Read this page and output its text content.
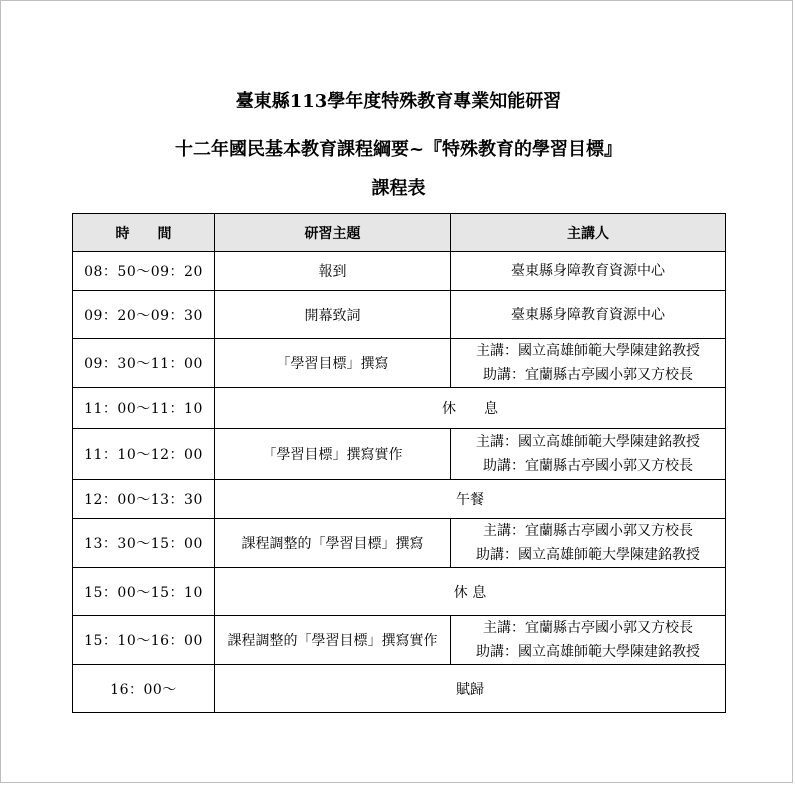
臺東縣113學年度特殊教育專業知能研習
十二年國民基本教育課程綱要~『特殊教育的學習目標』
課程表
時　　間	研習主題	主講人
08：50～09：20	報到	臺東縣身障教育資源中心

09：20～09：30	開幕致詞	臺東縣身障教育資源中心

09：30～11：00	「學習目標」撰寫	主講：國立高雄師範大學陳建銘教授
助講：宜蘭縣古亭國小郭又方校長

11：00～11：10	休　　息	
11：10～12：00	「學習目標」撰寫實作	主講：國立高雄師範大學陳建銘教授
助講：宜蘭縣古亭國小郭又方校長

12：00～13：30	午餐	
13：30～15：00	課程調整的「學習目標」撰寫	主講：宜蘭縣古亭國小郭又方校長
助講：國立高雄師範大學陳建銘教授

15：00～15：10	休 息	
15：10～16：00	課程調整的「學習目標」撰寫實作	主講：宜蘭縣古亭國小郭又方校長
助講：國立高雄師範大學陳建銘教授

16：00～	賦歸	
